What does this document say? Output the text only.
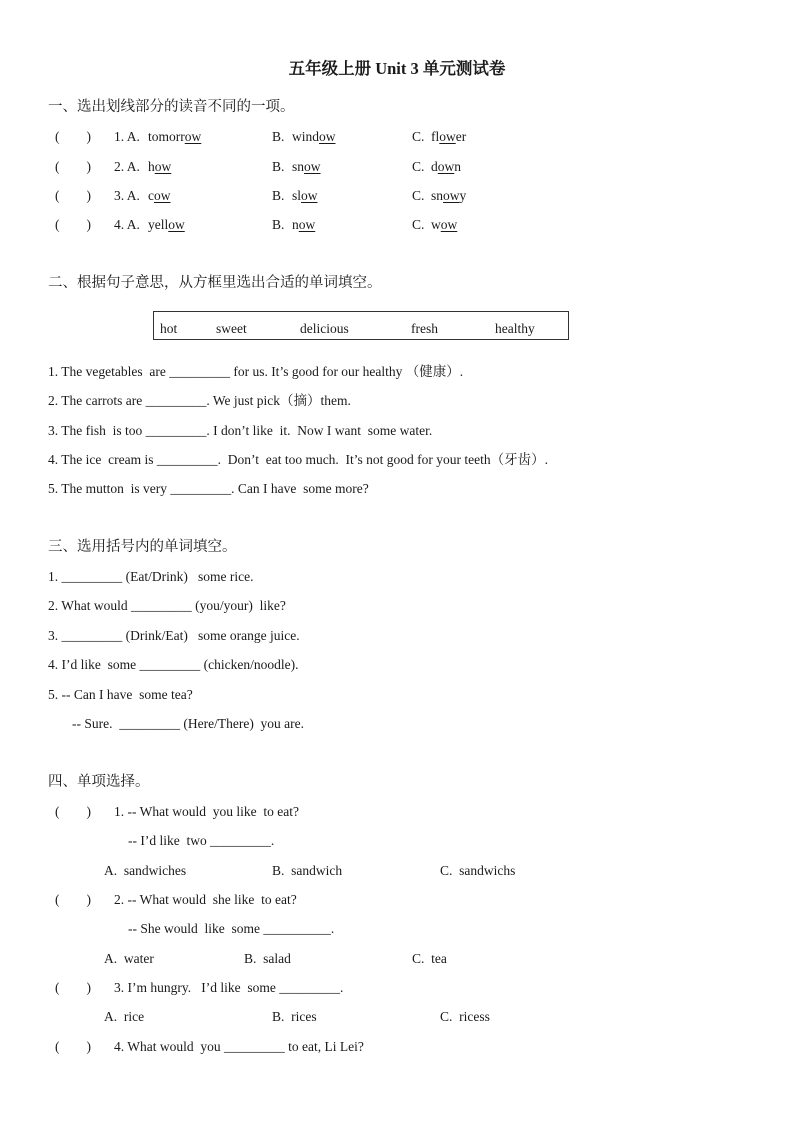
五年级上册 Unit 3 单元测试卷
一、选出划线部分的读音不同的一项。
(　　) 1. A. tomorrow	B. window	C. flower
(　　) 2. A. how	B. snow	C. down
(　　) 3. A. cow	B. slow	C. snowy
(　　) 4. A. yellow	B. now	C. wow
二、根据句子意思，从方框里选出合适的单词填空。
hot	sweet	delicious	fresh	healthy
1. The vegetables  are _________ for us. It’s good for our healthy （健康）.
2. The carrots are _________. We just pick（摘）them.
3. The fish  is too _________. I don’t like  it.  Now I want  some water.
4. The ice  cream is _________.  Don’t  eat too much.  It’s not good for your teeth（牙齿）.
5. The mutton  is very _________. Can I have  some more?
三、选用括号内的单词填空。
1. _________ (Eat/Drink)   some rice.
2. What would _________ (you/your)  like?
3. _________ (Drink/Eat)   some orange juice.
4. I’d like  some _________ (chicken/noodle).
5. -- Can I have  some tea?
-- Sure.  _________ (Here/There)  you are.
四、单项选择。
(　　) 1. -- What would  you like  to eat?
-- I’d like  two _________.
A.  sandwiches	B.  sandwich	C.  sandwichs
(　　) 2. -- What would  she like  to eat?
-- She would  like  some __________.
A.  water	B.  salad	C.  tea
(　　) 3. I’m hungry.   I’d like  some _________.
A.  rice	B.  rices	C.  ricess
(　　) 4. What would  you _________ to eat, Li Lei?
